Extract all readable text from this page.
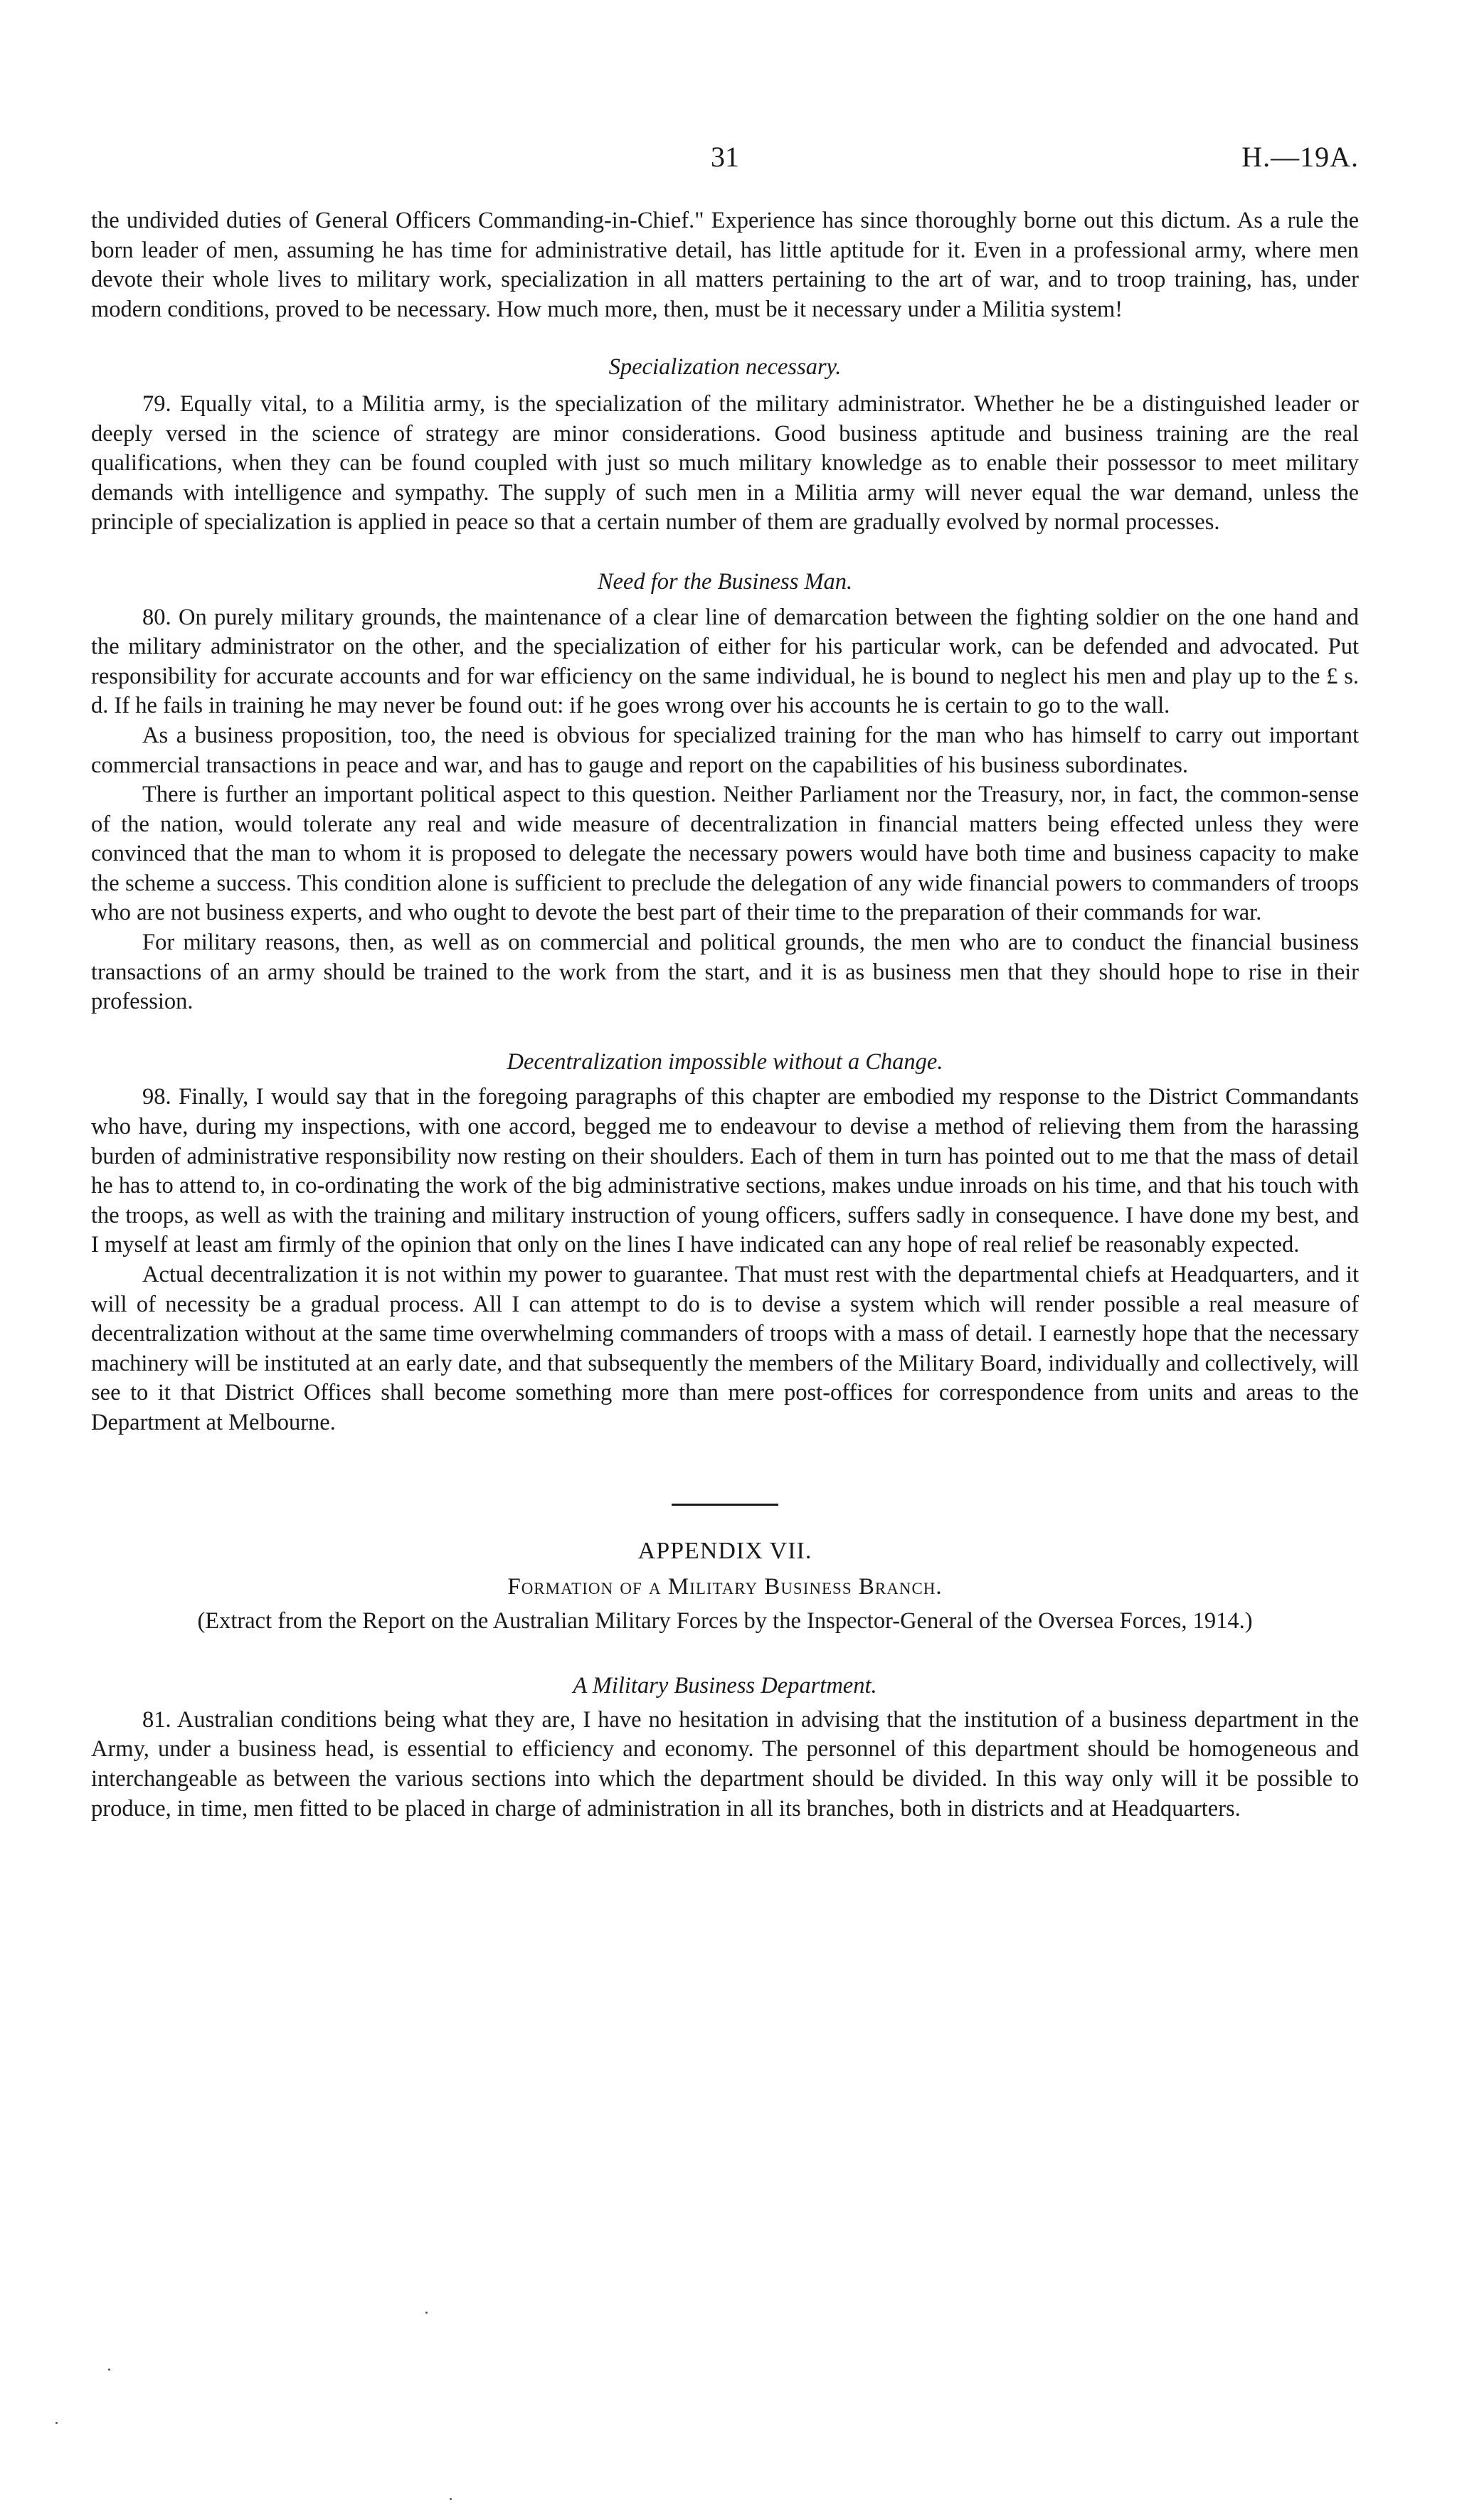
31	H.—19A.

the undivided duties of General Officers Commanding-in-Chief." Experience has since thoroughly borne out this dictum. As a rule the born leader of men, assuming he has time for administrative detail, has little aptitude for it. Even in a professional army, where men devote their whole lives to military work, specialization in all matters pertaining to the art of war, and to troop training, has, under modern conditions, proved to be necessary. How much more, then, must be it necessary under a Militia system!

Specialization necessary.

79. Equally vital, to a Militia army, is the specialization of the military administrator. Whether he be a distinguished leader or deeply versed in the science of strategy are minor considerations. Good business aptitude and business training are the real qualifications, when they can be found coupled with just so much military knowledge as to enable their possessor to meet military demands with intelligence and sympathy. The supply of such men in a Militia army will never equal the war demand, unless the principle of specialization is applied in peace so that a certain number of them are gradually evolved by normal processes.

Need for the Business Man.

80. On purely military grounds, the maintenance of a clear line of demarcation between the fighting soldier on the one hand and the military administrator on the other, and the specialization of either for his particular work, can be defended and advocated. Put responsibility for accurate accounts and for war efficiency on the same individual, he is bound to neglect his men and play up to the £ s. d. If he fails in training he may never be found out: if he goes wrong over his accounts he is certain to go to the wall.

As a business proposition, too, the need is obvious for specialized training for the man who has himself to carry out important commercial transactions in peace and war, and has to gauge and report on the capabilities of his business subordinates.

There is further an important political aspect to this question. Neither Parliament nor the Treasury, nor, in fact, the common-sense of the nation, would tolerate any real and wide measure of decentralization in financial matters being effected unless they were convinced that the man to whom it is proposed to delegate the necessary powers would have both time and business capacity to make the scheme a success. This condition alone is sufficient to preclude the delegation of any wide financial powers to commanders of troops who are not business experts, and who ought to devote the best part of their time to the preparation of their commands for war.

For military reasons, then, as well as on commercial and political grounds, the men who are to conduct the financial business transactions of an army should be trained to the work from the start, and it is as business men that they should hope to rise in their profession.

Decentralization impossible without a Change.

98. Finally, I would say that in the foregoing paragraphs of this chapter are embodied my response to the District Commandants who have, during my inspections, with one accord, begged me to endeavour to devise a method of relieving them from the harassing burden of administrative responsibility now resting on their shoulders. Each of them in turn has pointed out to me that the mass of detail he has to attend to, in co-ordinating the work of the big administrative sections, makes undue inroads on his time, and that his touch with the troops, as well as with the training and military instruction of young officers, suffers sadly in consequence. I have done my best, and I myself at least am firmly of the opinion that only on the lines I have indicated can any hope of real relief be reasonably expected.

Actual decentralization it is not within my power to guarantee. That must rest with the departmental chiefs at Headquarters, and it will of necessity be a gradual process. All I can attempt to do is to devise a system which will render possible a real measure of decentralization without at the same time overwhelming commanders of troops with a mass of detail. I earnestly hope that the necessary machinery will be instituted at an early date, and that subsequently the members of the Military Board, individually and collectively, will see to it that District Offices shall become something more than mere post-offices for correspondence from units and areas to the Department at Melbourne.

APPENDIX VII.
Formation of a Military Business Branch.
(Extract from the Report on the Australian Military Forces by the Inspector-General of the Oversea Forces, 1914.)
A Military Business Department.

81. Australian conditions being what they are, I have no hesitation in advising that the institution of a business department in the Army, under a business head, is essential to efficiency and economy. The personnel of this department should be homogeneous and interchangeable as between the various sections into which the department should be divided. In this way only will it be possible to produce, in time, men fitted to be placed in charge of administration in all its branches, both in districts and at Headquarters.
